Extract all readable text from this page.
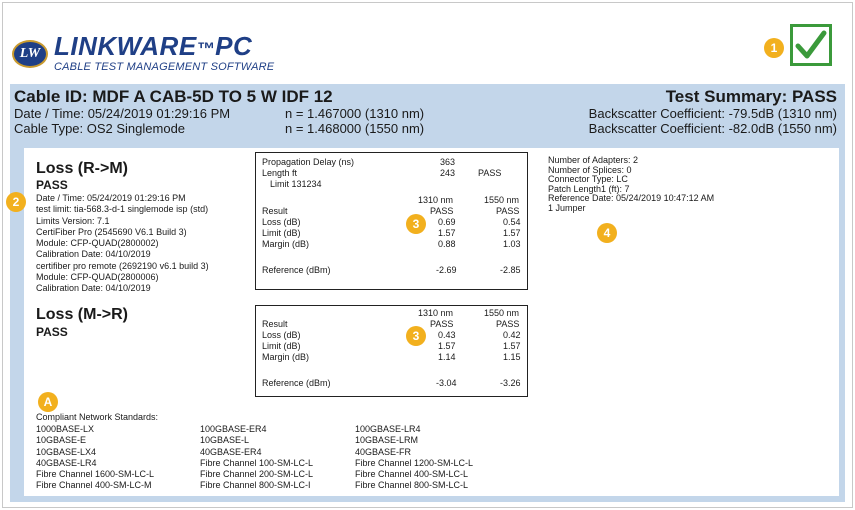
LW LINKWARE™PC
CABLE TEST MANAGEMENT SOFTWARE
1
Cable ID: MDF A CAB-5D TO 5 W IDF 12
Date / Time: 05/24/2019 01:29:16 PM
Cable Type: OS2 Singlemode
n = 1.467000 (1310 nm)
n = 1.468000 (1550 nm)
Test Summary: PASS
Backscatter Coefficient: -79.5dB (1310 nm)
Backscatter Coefficient: -82.0dB (1550 nm)
Loss (R->M)
PASS
2	Date / Time: 05/24/2019 01:29:16 PM
test limit: tia-568.3-d-1 singlemode isp (std)
Limits Version: 7.1
CertiFiber Pro (2545690 V6.1 Build 3)
Module: CFP-QUAD(2800002)
Calibration Date: 04/10/2019
certifiber pro remote (2692190 v6.1 build 3)
Module: CFP-QUAD(2800006)
Calibration Date: 04/10/2019
Propagation Delay (ns)	363
Length ft	243	PASS
Limit 131234
1310 nm	1550 nm
Result	PASS	PASS
Loss (dB)	0.69	0.54
Limit (dB)	1.57	1.57
Margin (dB)	0.88	1.03
Reference (dBm)	-2.69	-2.85
3
Number of Adapters: 2
Number of Splices: 0
Connector Type: LC
Patch Length1 (ft): 7
Reference Date: 05/24/2019 10:47:12 AM
1 Jumper
4
Loss (M->R)
PASS
1310 nm	1550 nm
Result	PASS	PASS
Loss (dB)	0.43	0.42
Limit (dB)	1.57	1.57
Margin (dB)	1.14	1.15
Reference (dBm)	-3.04	-3.26
3
A
Compliant Network Standards:
1000BASE-LX
10GBASE-E
10GBASE-LX4
40GBASE-LR4
Fibre Channel 1600-SM-LC-L
Fibre Channel 400-SM-LC-M
100GBASE-ER4
10GBASE-L
40GBASE-ER4
Fibre Channel 100-SM-LC-L
Fibre Channel 200-SM-LC-L
Fibre Channel 800-SM-LC-I
100GBASE-LR4
10GBASE-LRM
40GBASE-FR
Fibre Channel 1200-SM-LC-L
Fibre Channel 400-SM-LC-L
Fibre Channel 800-SM-LC-L
